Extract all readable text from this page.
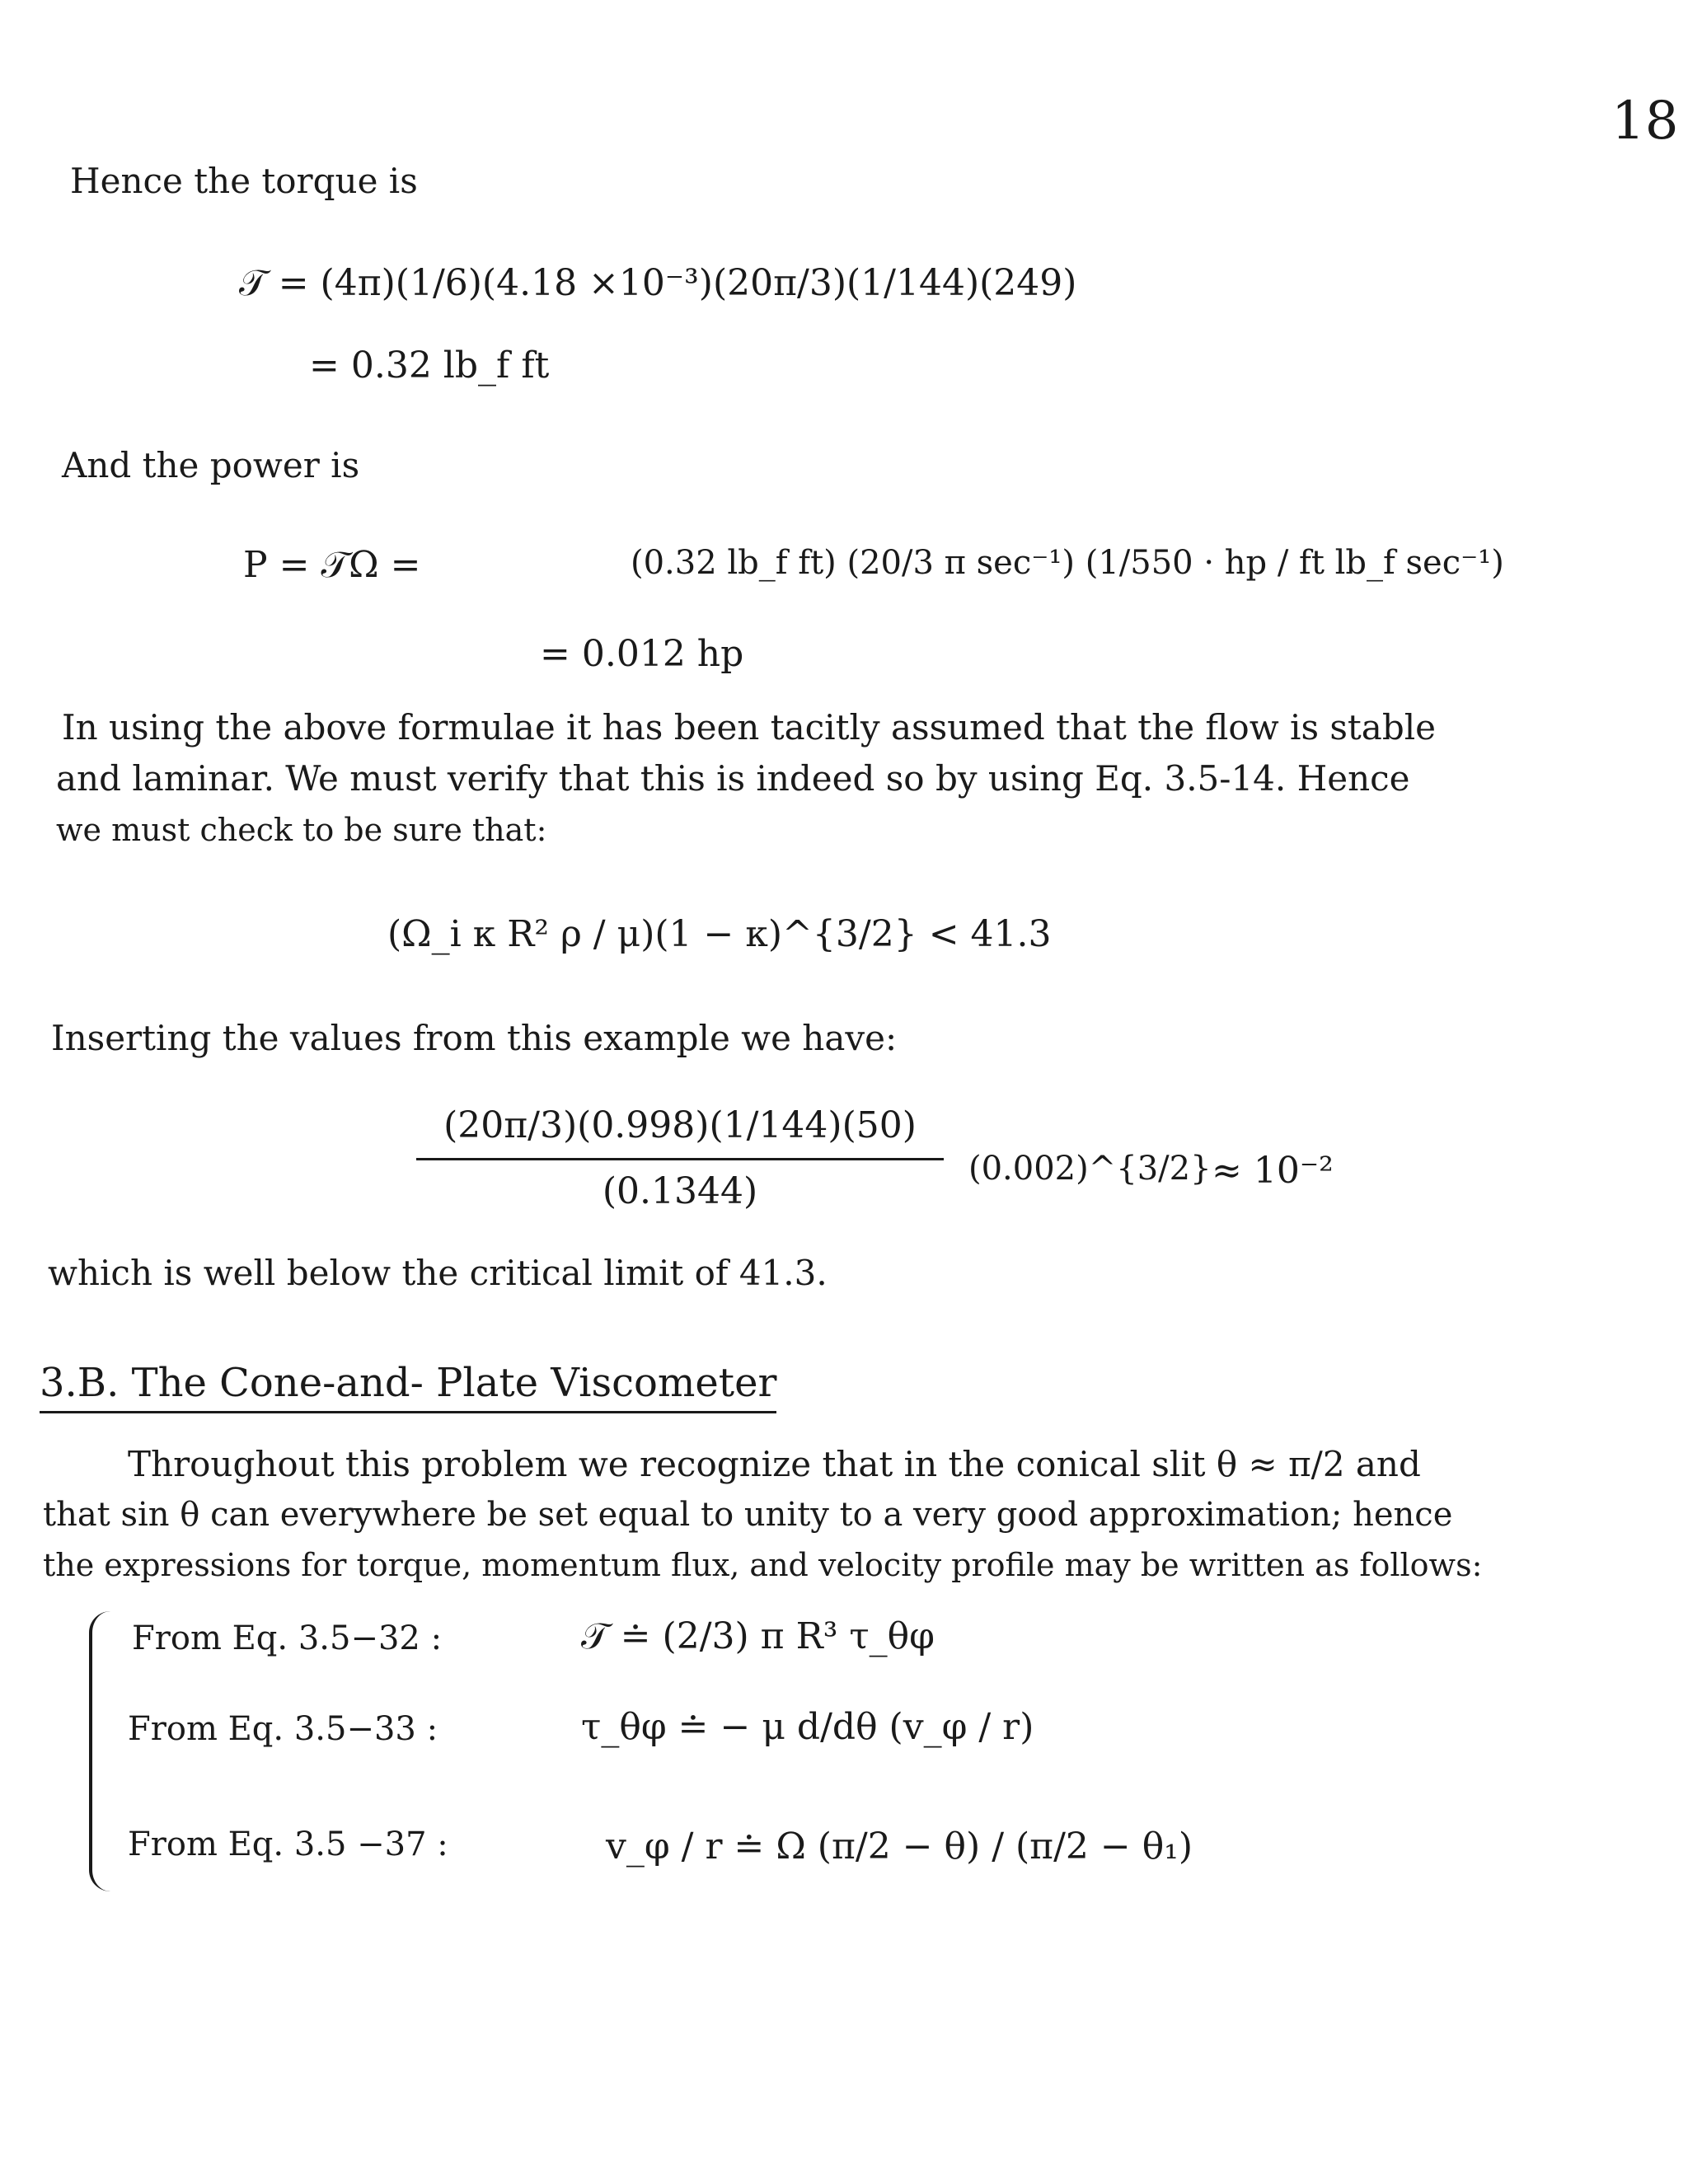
18
Hence the torque is
𝒯 = (4π)(1/6)(4.18 ×10⁻³)(20π/3)(1/144)(249)
= 0.32 lb_f ft
And the power is
P = 𝒯Ω =	(0.32 lb_f ft) (20/3 π sec⁻¹) (1/550 · hp / ft lb_f sec⁻¹)
= 0.012 hp
In using the above formulae it has been tacitly assumed that the flow is stable
and laminar. We must verify that this is indeed so by using Eq. 3.5-14. Hence
we must check to be sure that:
(Ω_i κ R² ρ / μ)(1 − κ)^{3/2} < 41.3
Inserting the values from this example we have:
(20π/3)(0.998)(1/144)(50)
(0.1344)
(0.002)^{3/2} ≈ 10⁻²
which is well below the critical limit of 41.3.
3.B. The Cone-and- Plate Viscometer
Throughout this problem we recognize that in the conical slit θ ≈ π/2 and
that sin θ can everywhere be set equal to unity to a very good approximation; hence
the expressions for torque, momentum flux, and velocity profile may be written as follows:
From Eq. 3.5−32 :	𝒯 ≐ (2/3) π R³ τ_θφ
From Eq. 3.5−33 :	τ_θφ ≐ − μ d/dθ (v_φ / r)
From Eq. 3.5 −37 :	v_φ / r ≐ Ω (π/2 − θ) / (π/2 − θ₁)
